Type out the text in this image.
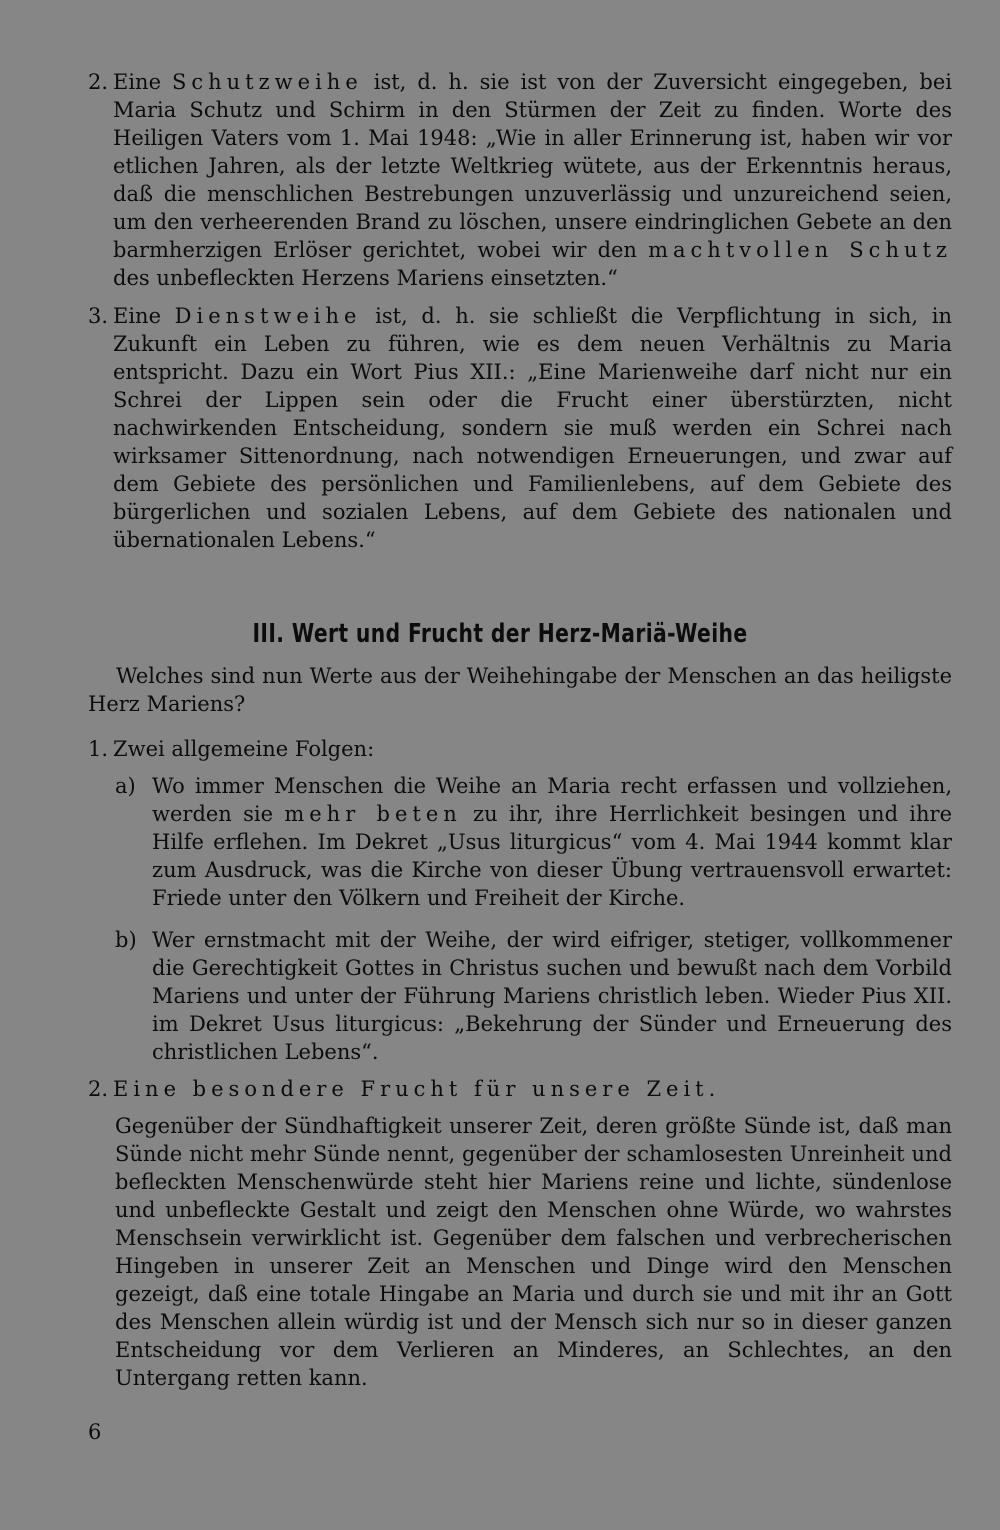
2. Eine Schutzweihe ist, d. h. sie ist von der Zuversicht eingegeben, bei Maria Schutz und Schirm in den Stürmen der Zeit zu finden. Worte des Heiligen Vaters vom 1. Mai 1948: „Wie in aller Erinnerung ist, haben wir vor etlichen Jahren, als der letzte Weltkrieg wütete, aus der Erkenntnis heraus, daß die menschlichen Bestrebungen unzuverlässig und unzureichend seien, um den verheerenden Brand zu löschen, unsere eindringlichen Gebete an den barmherzigen Erlöser gerichtet, wobei wir den machtvollen Schutz des unbefleckten Herzens Mariens einsetzten.“
3. Eine Dienstweihe ist, d. h. sie schließt die Verpflichtung in sich, in Zukunft ein Leben zu führen, wie es dem neuen Verhältnis zu Maria entspricht. Dazu ein Wort Pius XII.: „Eine Marienweihe darf nicht nur ein Schrei der Lippen sein oder die Frucht einer überstürzten, nicht nachwirkenden Entscheidung, sondern sie muß werden ein Schrei nach wirksamer Sittenordnung, nach notwendigen Erneuerungen, und zwar auf dem Gebiete des persönlichen und Familienlebens, auf dem Gebiete des bürgerlichen und sozialen Lebens, auf dem Gebiete des nationalen und übernationalen Lebens.“
III. Wert und Frucht der Herz-Mariä-Weihe
Welches sind nun Werte aus der Weihehingabe der Menschen an das heiligste Herz Mariens?
1. Zwei allgemeine Folgen:
a) Wo immer Menschen die Weihe an Maria recht erfassen und vollziehen, werden sie mehr beten zu ihr, ihre Herrlichkeit besingen und ihre Hilfe erflehen. Im Dekret „Usus liturgicus“ vom 4. Mai 1944 kommt klar zum Ausdruck, was die Kirche von dieser Übung vertrauensvoll erwartet: Friede unter den Völkern und Freiheit der Kirche.
b) Wer ernstmacht mit der Weihe, der wird eifriger, stetiger, vollkommener die Gerechtigkeit Gottes in Christus suchen und bewußt nach dem Vorbild Mariens und unter der Führung Mariens christlich leben. Wieder Pius XII. im Dekret Usus liturgicus: „Bekehrung der Sünder und Erneuerung des christlichen Lebens“.
2. Eine besondere Frucht für unsere Zeit.
Gegenüber der Sündhaftigkeit unserer Zeit, deren größte Sünde ist, daß man Sünde nicht mehr Sünde nennt, gegenüber der schamlosesten Unreinheit und befleckten Menschenwürde steht hier Mariens reine und lichte, sündenlose und unbefleckte Gestalt und zeigt den Menschen ohne Würde, wo wahrstes Menschsein verwirklicht ist. Gegenüber dem falschen und verbrecherischen Hingeben in unserer Zeit an Menschen und Dinge wird den Menschen gezeigt, daß eine totale Hingabe an Maria und durch sie und mit ihr an Gott des Menschen allein würdig ist und der Mensch sich nur so in dieser ganzen Entscheidung vor dem Verlieren an Minderes, an Schlechtes, an den Untergang retten kann.
6
